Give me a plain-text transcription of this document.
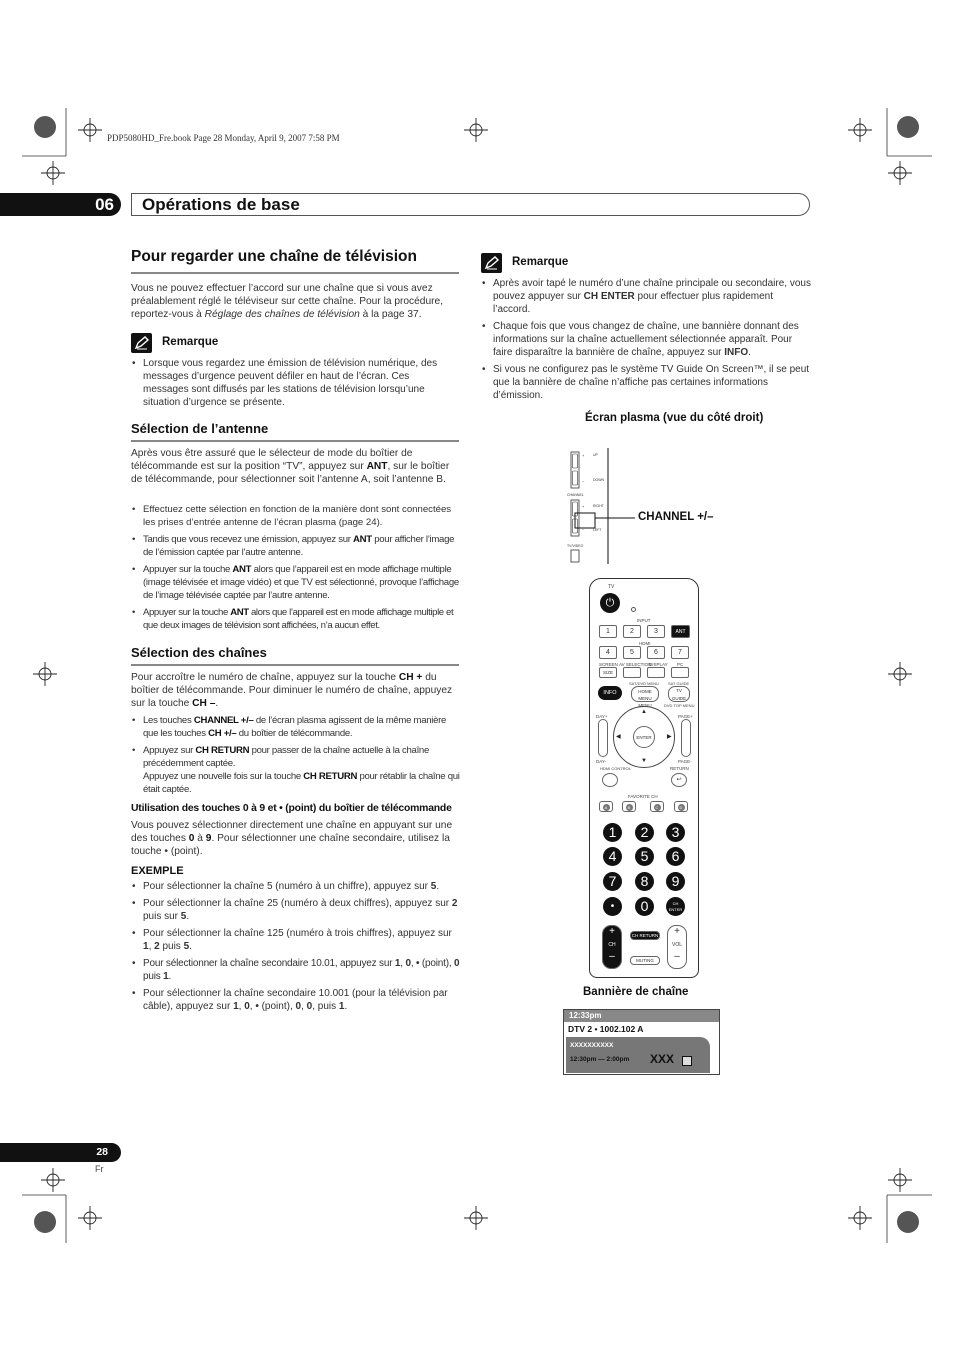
PDP5080HD_Fre.book Page 28 Monday, April 9, 2007 7:58 PM
06	Opérations de base
Pour regarder une chaîne de télévision
Vous ne pouvez effectuer l’accord sur une chaîne que si vous avez
préalablement réglé le téléviseur sur cette chaîne. Pour la procédure,
reportez-vous à Réglage des chaînes de télévision à la page 37.
Remarque
• Lorsque vous regardez une émission de télévision numérique, des messages d’urgence peuvent défiler en haut de l’écran. Ces messages sont diffusés par les stations de télévision lorsqu’une situation d’urgence se présente.
Sélection de l’antenne
Après vous être assuré que le sélecteur de mode du boîtier de télécommande est sur la position “TV”, appuyez sur ANT, sur le boîtier de télécommande, pour sélectionner soit l’antenne A, soit l’antenne B.
• Effectuez cette sélection en fonction de la manière dont sont connectées les prises d’entrée antenne de l’écran plasma (page 24).
• Tandis que vous recevez une émission, appuyez sur ANT pour afficher l’image de l’émission captée par l’autre antenne.
• Appuyer sur la touche ANT alors que l’appareil est en mode affichage multiple (image télévisée et image vidéo) et que TV est sélectionné, provoque l’affichage de l’image télévisée captée par l’autre antenne.
• Appuyer sur la touche ANT alors que l’appareil est en mode affichage multiple et que deux images de télévision sont affichées, n’a aucun effet.
Sélection des chaînes
Pour accroître le numéro de chaîne, appuyez sur la touche CH + du boîtier de télécommande. Pour diminuer le numéro de chaîne, appuyez sur la touche CH –.
• Les touches CHANNEL +/– de l’écran plasma agissent de la même manière que les touches CH +/– du boîtier de télécommande.
• Appuyez sur CH RETURN pour passer de la chaîne actuelle à la chaîne précédemment captée.
Appuyez une nouvelle fois sur la touche CH RETURN pour rétablir la chaîne qui était captée.
Utilisation des touches 0 à 9 et • (point) du boîtier de télécommande
Vous pouvez sélectionner directement une chaîne en appuyant sur une des touches 0 à 9. Pour sélectionner une chaîne secondaire, utilisez la touche • (point).
EXEMPLE
• Pour sélectionner la chaîne 5 (numéro à un chiffre), appuyez sur 5.
• Pour sélectionner la chaîne 25 (numéro à deux chiffres), appuyez sur 2 puis sur 5.
• Pour sélectionner la chaîne 125 (numéro à trois chiffres), appuyez sur 1, 2 puis 5.
• Pour sélectionner la chaîne secondaire 10.01, appuyez sur 1, 0, • (point), 0 puis 1.
• Pour sélectionner la chaîne secondaire 10.001 (pour la télévision par câble), appuyez sur 1, 0, • (point), 0, 0, puis 1.
Remarque
• Après avoir tapé le numéro d’une chaîne principale ou secondaire, vous pouvez appuyer sur CH ENTER pour effectuer plus rapidement l’accord.
• Chaque fois que vous changez de chaîne, une bannière donnant des informations sur la chaîne actuellement sélectionnée apparaît. Pour faire disparaître la bannière de chaîne, appuyez sur INFO.
• Si vous ne configurez pas le système TV Guide On Screen™, il se peut que la bannière de chaîne n’affiche pas certaines informations d’émission.
Écran plasma (vue du côté droit)
+
–
+
–
UP
DOWN
CHANNEL
RIGHT
LEFT
TV/VIDEO
CHANNEL +/–
TV
⏻
INPUT
1	2	3	ANT
HDMI
4	5	6	7
SCREEN AV SELECTION
DISPLAY PC
SIZE
SAT/DVD MENU SAT GUIDE
INFO	HOME MENU
MENU
TV GUIDE
DVD TOP MENU
DAY+	PAGE+
▲
▼
◀	▶
ENTER
DAY-	PAGE-
HDMI CONTROL	RETURN
↩
FAVORITE CH
A	B	C	D
1	2	3
4	5	6
7	8	9
•	0	CH ENTER
+
CH
–
CH RETURN
MUTING
+
VOL
–
Bannière de chaîne
12:33pm
DTV 2 • 1002.102 A
XXXXXXXXXX
12:30pm — 2:00pm XXX
28
Fr
